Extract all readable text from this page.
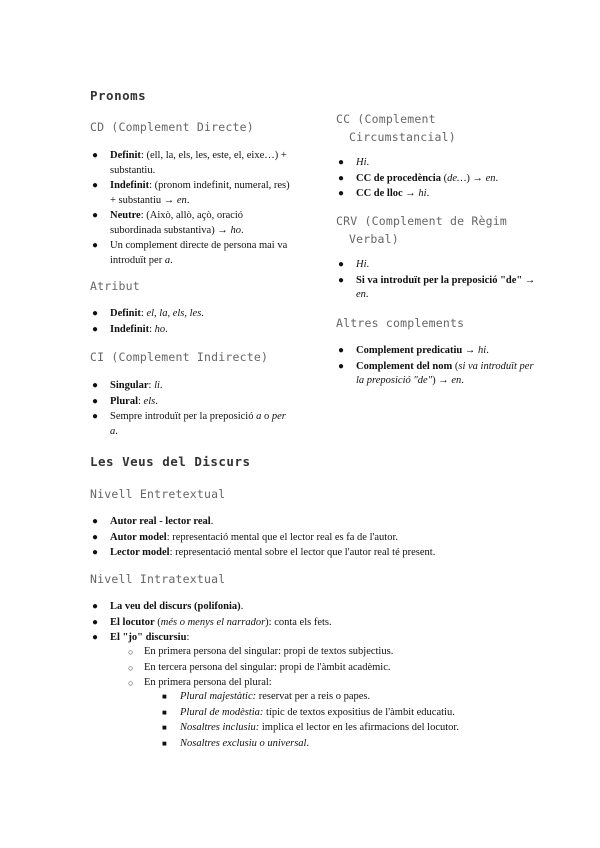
Pronoms
CD (Complement Directe)
● Definit: (ell, la, els, les, este, el, eixe…) + substantiu.
● Indefinit: (pronom indefinit, numeral, res) + substantiu → en.
● Neutre: (Això, allò, açò, oració subordinada substantiva) → ho.
● Un complement directe de persona mai va introduït per a.
Atribut
● Definit: el, la, els, les.
● Indefinit: ho.
CI (Complement Indirecte)
● Singular: li.
● Plural: els.
● Sempre introduït per la preposició a o per a.
CC (Complement
Circumstancial)
● Hi.
● CC de procedència (de…) → en.
● CC de lloc → hi.
CRV (Complement de Règim
Verbal)
● Hi.
● Si va introduït per la preposició "de" → en.
Altres complements
● Complement predicatiu → hi.
● Complement del nom (si va introduït per la preposició "de") → en.
Les Veus del Discurs
Nivell Entretextual
● Autor real - lector real.
● Autor model: representació mental que el lector real es fa de l'autor.
● Lector model: representació mental sobre el lector que l'autor real té present.
Nivell Intratextual
● La veu del discurs (polifonia).
● El locutor (més o menys el narrador): conta els fets.
● El "jo" discursiu:
○ En primera persona del singular: propi de textos subjectius.
○ En tercera persona del singular: propi de l'àmbit acadèmic.
○ En primera persona del plural:
■ Plural majestàtic: reservat per a reis o papes.
■ Plural de modèstia: típic de textos expositius de l'àmbit educatiu.
■ Nosaltres inclusiu: implica el lector en les afirmacions del locutor.
■ Nosaltres exclusiu o universal.
